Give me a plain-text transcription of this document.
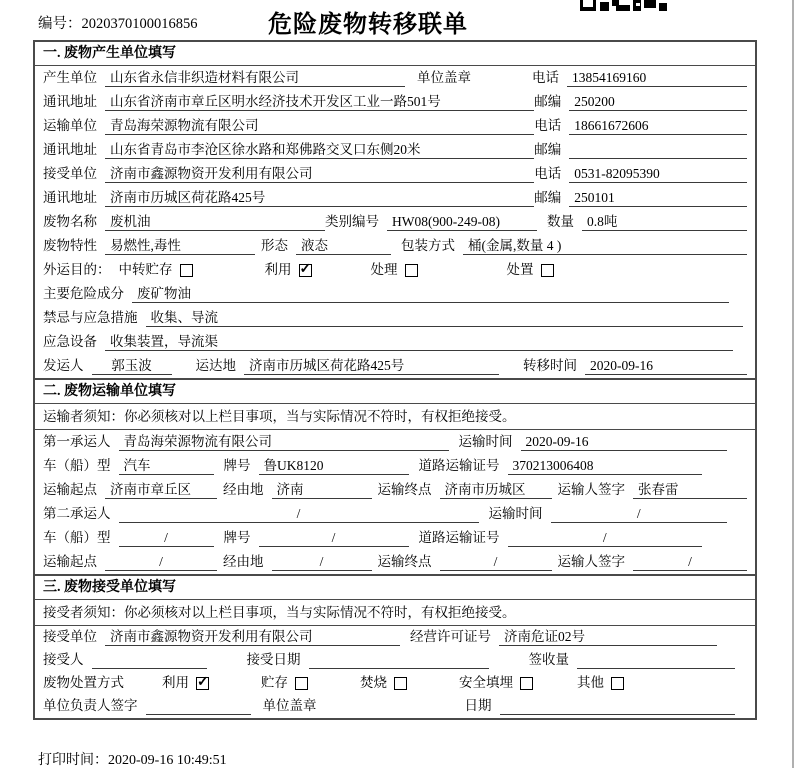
编号：2020370100016856	危险废物转移联单
一. 废物产生单位填写
产生单位 山东省永信非织造材料有限公司	单位盖章	电话 13854169160
通讯地址 山东省济南市章丘区明水经济技术开发区工业一路501号	邮编 250200
运输单位 青岛海荣源物流有限公司	电话 18661672606
通讯地址 山东省青岛市李沧区徐水路和郑佛路交叉口东侧20米	邮编
接受单位 济南市鑫源物资开发利用有限公司	电话 0531-82095390
通讯地址 济南市历城区荷花路425号	邮编 250101
废物名称 废机油	类别编号 HW08(900-249-08)	数量 0.8吨
废物特性 易燃性,毒性	形态 液态	包装方式 桶(金属,数量 4 )
外运目的： 中转贮存	利用 ✓	处理	处置
主要危险成分 废矿物油
禁忌与应急措施 收集、导流
应急设备 收集装置，导流渠
发运人	郭玉波	运达地 济南市历城区荷花路425号	转移时间 2020-09-16
二. 废物运输单位填写
运输者须知：你必须核对以上栏目事项，当与实际情况不符时，有权拒绝接受。
第一承运人 青岛海荣源物流有限公司	运输时间 2020-09-16
车（船）型 汽车	牌号 鲁UK8120	道路运输证号 370213006408
运输起点 济南市章丘区	经由地 济南	运输终点 济南市历城区	运输人签字 张春雷
第二承运人	/	运输时间	/
车（船）型	/	牌号	/	道路运输证号	/
运输起点	/	经由地	/	运输终点	/	运输人签字	/
三. 废物接受单位填写
接受者须知：你必须核对以上栏目事项，当与实际情况不符时，有权拒绝接受。
接受单位 济南市鑫源物资开发利用有限公司	经营许可证号 济南危证02号
接受人	接受日期	签收量
废物处置方式	利用 ✓	贮存	焚烧	安全填埋	其他
单位负责人签字	单位盖章	日期
打印时间：2020-09-16 10:49:51
